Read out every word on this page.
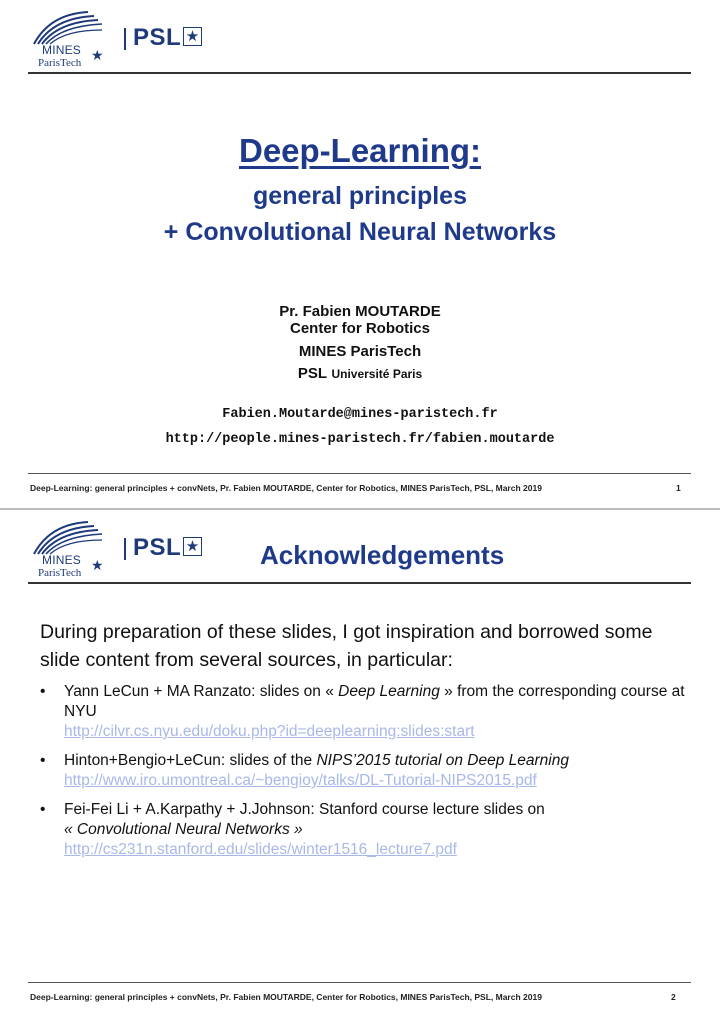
MINES ★
ParisTech
PSL ★
Deep-Learning:
general principles
+ Convolutional Neural Networks
Pr. Fabien MOUTARDE
Center for Robotics
MINES ParisTech
PSL Université Paris
Fabien.Moutarde@mines-paristech.fr
http://people.mines-paristech.fr/fabien.moutarde
Deep-Learning: general principles + convNets, Pr. Fabien MOUTARDE, Center for Robotics, MINES ParisTech, PSL, March 2019	1
MINES ★
ParisTech
PSL ★ Acknowledgements
During preparation of these slides, I got inspiration and borrowed some slide content from several sources, in particular:
• Yann LeCun + MA Ranzato: slides on « Deep Learning » from the corresponding course at NYU
http://cilvr.cs.nyu.edu/doku.php?id=deeplearning:slides:start
• Hinton+Bengio+LeCun: slides of the NIPS’2015 tutorial on Deep Learning
http://www.iro.umontreal.ca/~bengioy/talks/DL-Tutorial-NIPS2015.pdf
• Fei-Fei Li + A.Karpathy + J.Johnson: Stanford course lecture slides on
« Convolutional Neural Networks »
http://cs231n.stanford.edu/slides/winter1516_lecture7.pdf
Deep-Learning: general principles + convNets, Pr. Fabien MOUTARDE, Center for Robotics, MINES ParisTech, PSL, March 2019	2
